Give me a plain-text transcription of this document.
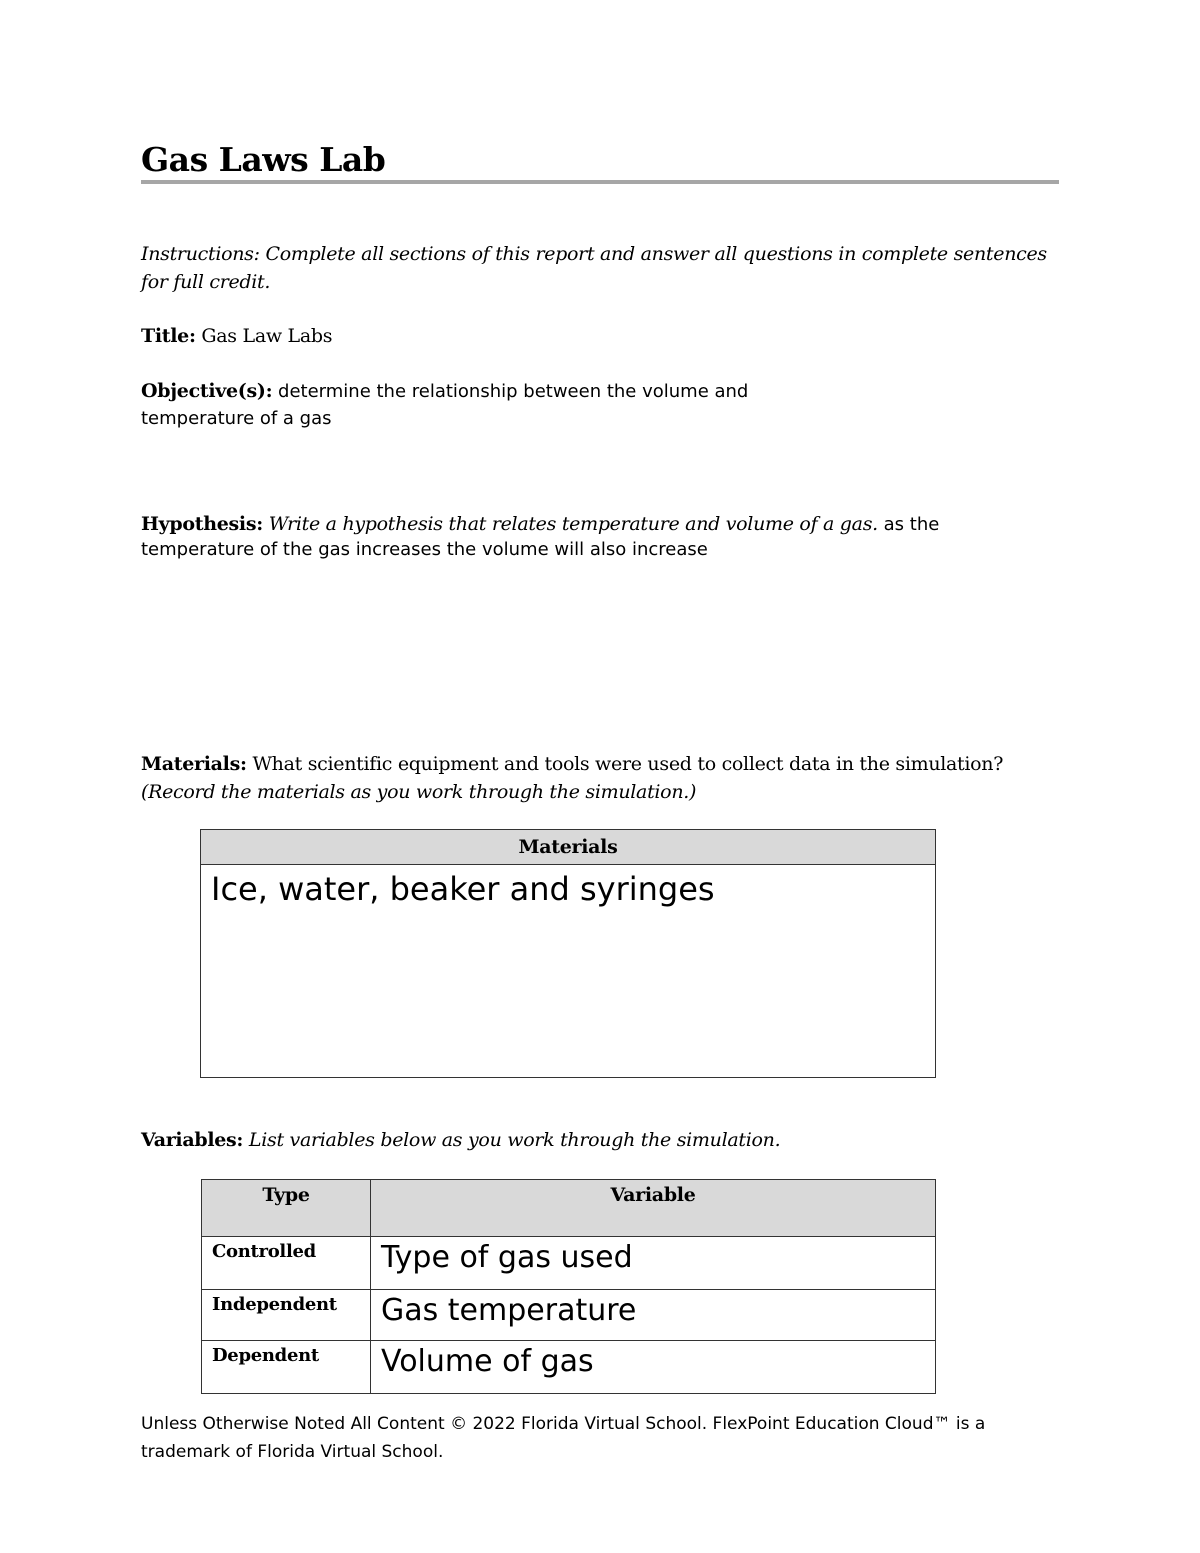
Gas Laws Lab

Instructions: Complete all sections of this report and answer all questions in complete sentences for full credit.

Title: Gas Law Labs

Objective(s): determine the relationship between the volume and temperature of a gas

Hypothesis: Write a hypothesis that relates temperature and volume of a gas. as the temperature of the gas increases the volume will also increase

Materials: What scientific equipment and tools were used to collect data in the simulation?
(Record the materials as you work through the simulation.)

Materials
Ice, water, beaker and syringes

Variables: List variables below as you work through the simulation.

Type	Variable
Controlled	Type of gas used
Independent	Gas temperature
Dependent	Volume of gas

Unless Otherwise Noted All Content © 2022 Florida Virtual School. FlexPoint Education Cloud™ is a trademark of Florida Virtual School.
